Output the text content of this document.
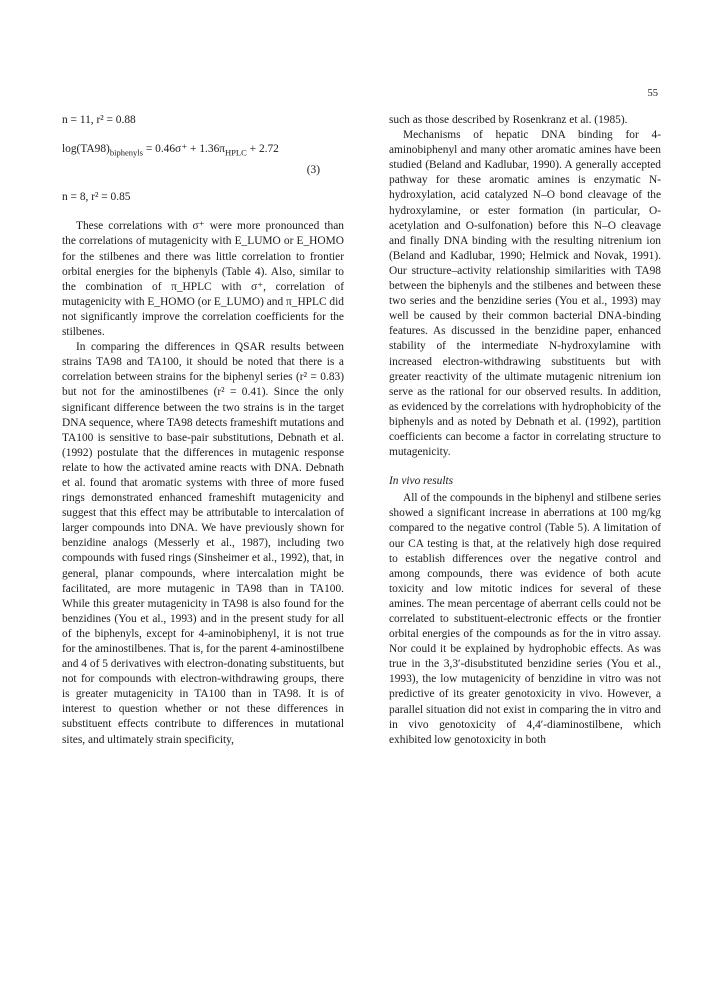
55
n = 11, r² = 0.88
$\log(TA98)_{biphenyls} = 0.46\sigma^+ + 1.36\pi_{HPLC} + 2.72$
(3)
n = 8, r² = 0.85

These correlations with σ⁺ were more pronounced than the correlations of mutagenicity with E_LUMO or E_HOMO for the stilbenes and there was little correlation to frontier orbital energies for the biphenyls (Table 4). Also, similar to the combination of π_HPLC with σ⁺, correlation of mutagenicity with E_HOMO (or E_LUMO) and π_HPLC did not significantly improve the correlation coefficients for the stilbenes.

In comparing the differences in QSAR results between strains TA98 and TA100, it should be noted that there is a correlation between strains for the biphenyl series (r² = 0.83) but not for the aminostilbenes (r² = 0.41). Since the only significant difference between the two strains is in the target DNA sequence, where TA98 detects frameshift mutations and TA100 is sensitive to base-pair substitutions, Debnath et al. (1992) postulate that the differences in mutagenic response relate to how the activated amine reacts with DNA. Debnath et al. found that aromatic systems with three of more fused rings demonstrated enhanced frameshift mutagenicity and suggest that this effect may be attributable to intercalation of larger compounds into DNA. We have previously shown for benzidine analogs (Messerly et al., 1987), including two compounds with fused rings (Sinsheimer et al., 1992), that, in general, planar compounds, where intercalation might be facilitated, are more mutagenic in TA98 than in TA100. While this greater mutagenicity in TA98 is also found for the benzidines (You et al., 1993) and in the present study for all of the biphenyls, except for 4-aminobiphenyl, it is not true for the aminostilbenes. That is, for the parent 4-aminostilbene and 4 of 5 derivatives with electron-donating substituents, but not for compounds with electron-withdrawing groups, there is greater mutagenicity in TA100 than in TA98. It is of interest to question whether or not these differences in substituent effects contribute to differences in mutational sites, and ultimately strain specificity,

such as those described by Rosenkranz et al. (1985).

Mechanisms of hepatic DNA binding for 4-aminobiphenyl and many other aromatic amines have been studied (Beland and Kadlubar, 1990). A generally accepted pathway for these aromatic amines is enzymatic N-hydroxylation, acid catalyzed N–O bond cleavage of the hydroxylamine, or ester formation (in particular, O-acetylation and O-sulfonation) before this N–O cleavage and finally DNA binding with the resulting nitrenium ion (Beland and Kadlubar, 1990; Helmick and Novak, 1991). Our structure–activity relationship similarities with TA98 between the biphenyls and the stilbenes and between these two series and the benzidine series (You et al., 1993) may well be caused by their common bacterial DNA-binding features. As discussed in the benzidine paper, enhanced stability of the intermediate N-hydroxylamine with increased electron-withdrawing substituents but with greater reactivity of the ultimate mutagenic nitrenium ion serve as the rational for our observed results. In addition, as evidenced by the correlations with hydrophobicity of the biphenyls and as noted by Debnath et al. (1992), partition coefficients can become a factor in correlating structure to mutagenicity.

In vivo results

All of the compounds in the biphenyl and stilbene series showed a significant increase in aberrations at 100 mg/kg compared to the negative control (Table 5). A limitation of our CA testing is that, at the relatively high dose required to establish differences over the negative control and among compounds, there was evidence of both acute toxicity and low mitotic indices for several of these amines. The mean percentage of aberrant cells could not be correlated to substituent-electronic effects or the frontier orbital energies of the compounds as for the in vitro assay. Nor could it be explained by hydrophobic effects. As was true in the 3,3′-disubstituted benzidine series (You et al., 1993), the low mutagenicity of benzidine in vitro was not predictive of its greater genotoxicity in vivo. However, a parallel situation did not exist in comparing the in vitro and in vivo genotoxicity of 4,4′-diaminostilbene, which exhibited low genotoxicity in both
